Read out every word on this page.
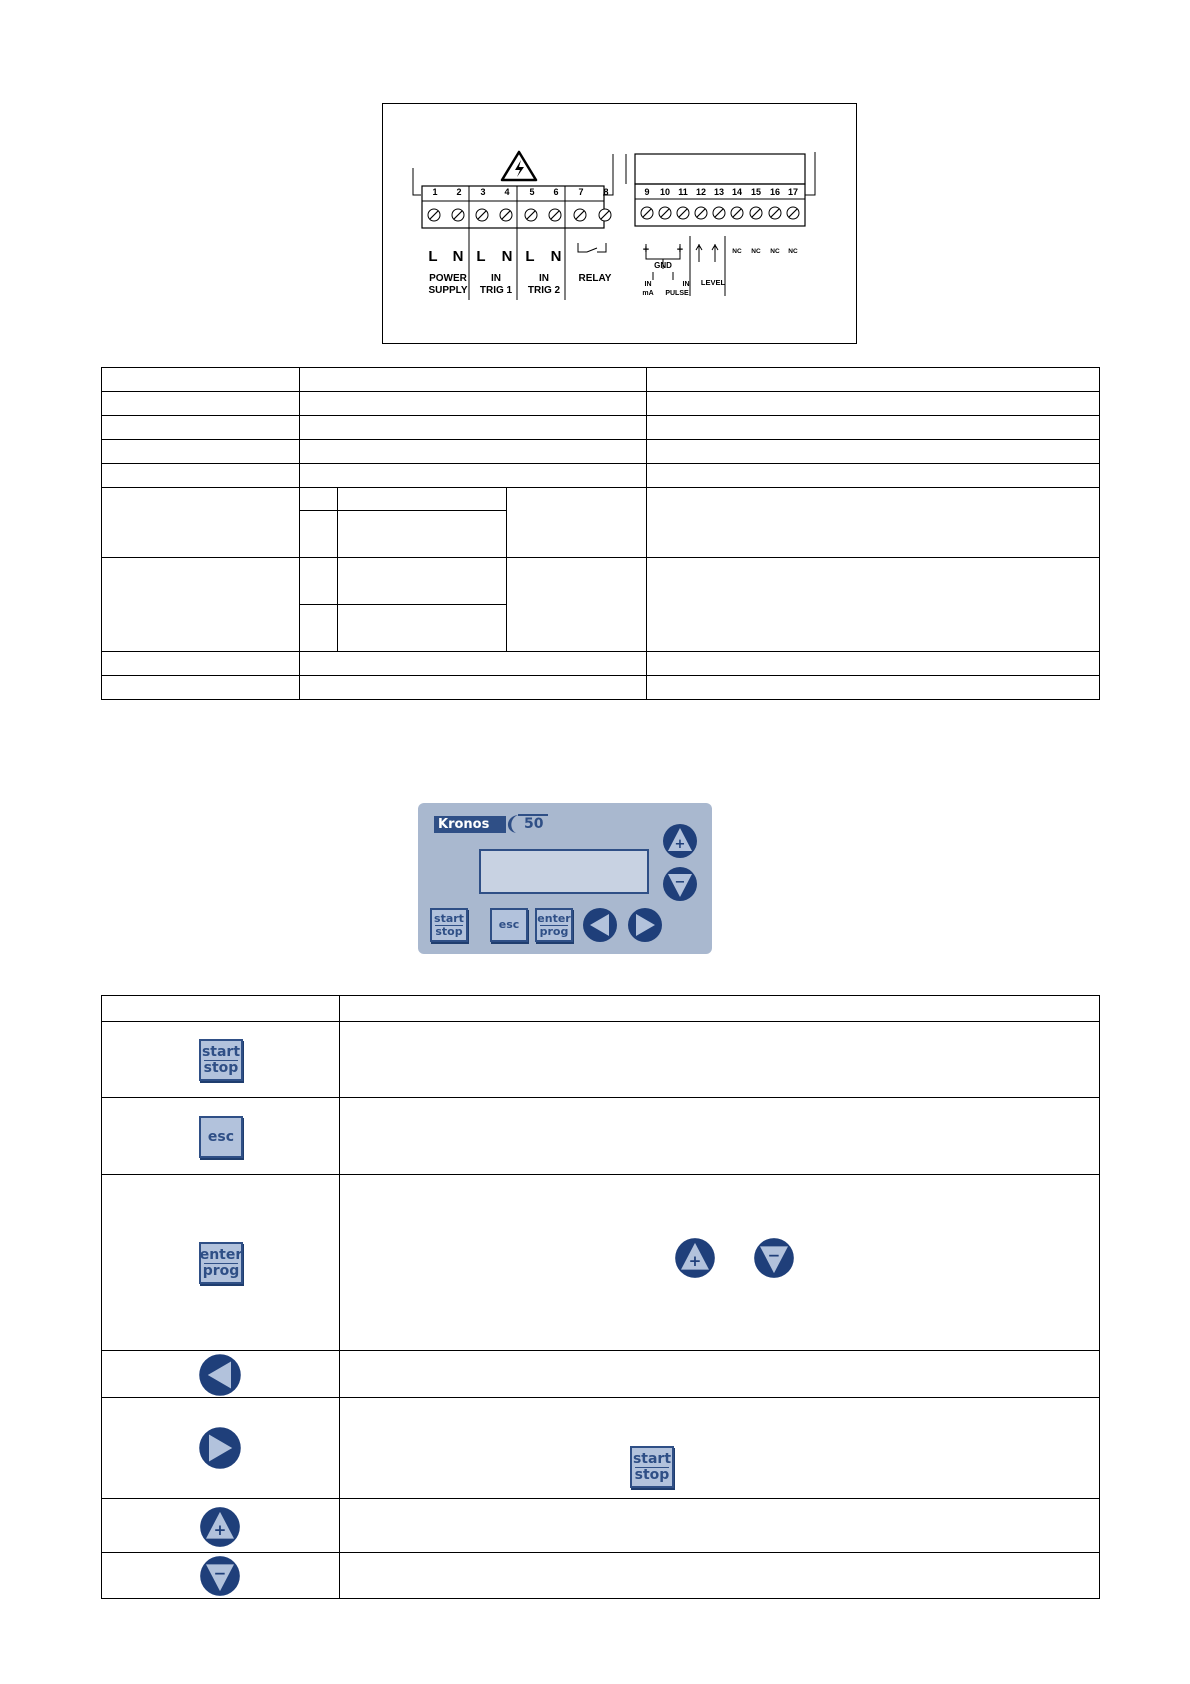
1 2 3 4 5 6 7 8	9 10 11 12 13 14 15 16 17
L N L N L N
POWER
SUPPLY
IN
TRIG 1
IN
TRIG 2
RELAY
+	+
GND
IN
mA
IN
PULSE
LEVEL
NC NC NC NC

Kronos 50
+
−
start
stop	esc enter
prog

start
stop	

esc	

enter
prog	+ −

start
stop

+	

−	
